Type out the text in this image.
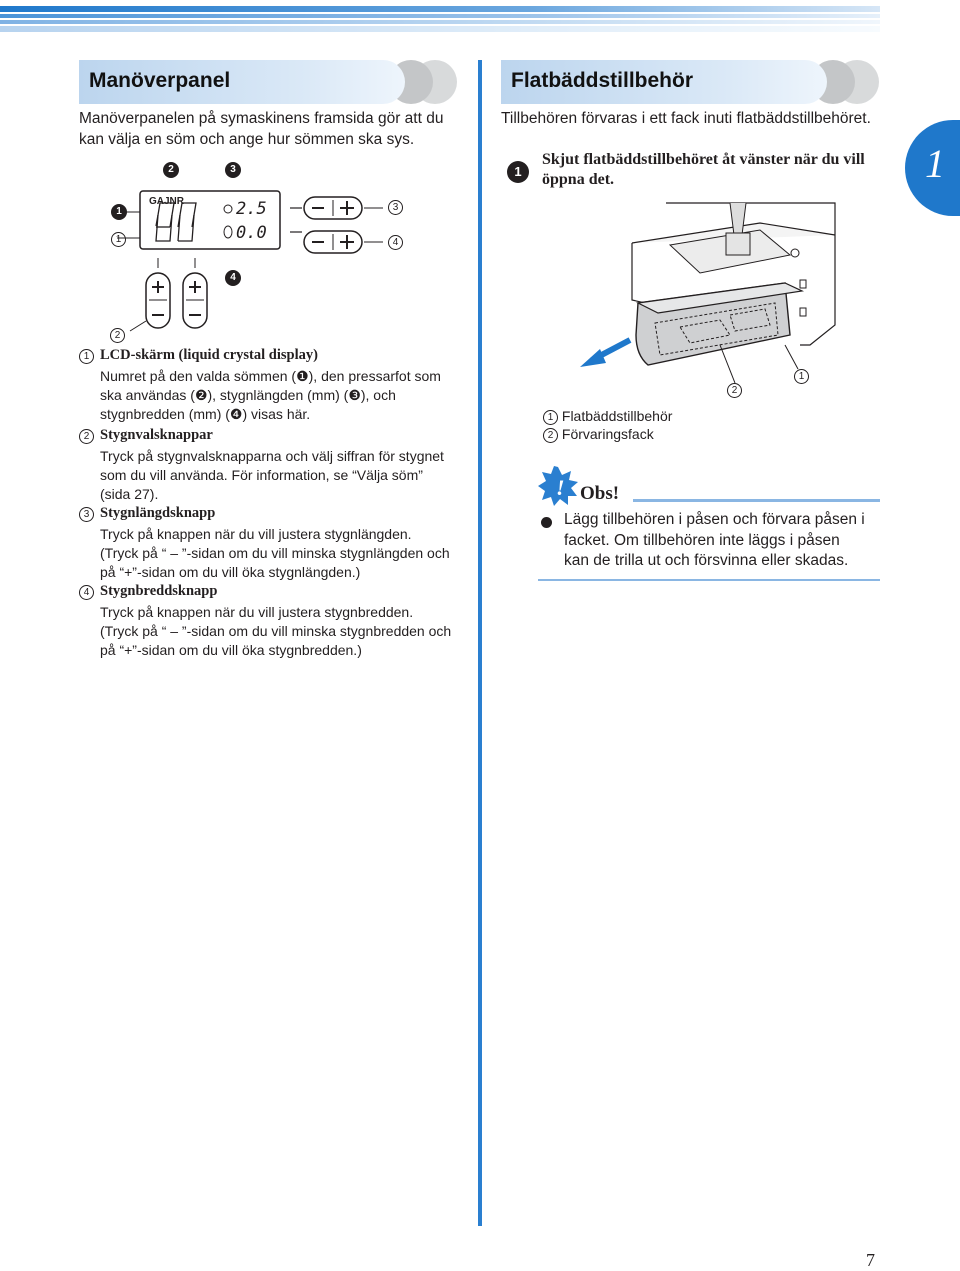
1
Manöverpanel
Manöverpanelen på symaskinens framsida gör att du
kan välja en söm och ange hur sömmen ska sys.
GAJNR	2.5
0.0
1
2	3
4
1
2
3
4
1 LCD-skärm (liquid crystal display)
Numret på den valda sömmen (❶), den pressarfot som
ska användas (❷), stygnlängden (mm) (❸), och
stygnbredden (mm) (❹) visas här.
2 Stygnvalsknappar
Tryck på stygnvalsknapparna och välj siffran för stygnet
som du vill använda. För information, se “Välja söm”
(sida 27).
3 Stygnlängdsknapp
Tryck på knappen när du vill justera stygnlängden.
(Tryck på “ – ”-sidan om du vill minska stygnlängden och
på “+”-sidan om du vill öka stygnlängden.)
4 Stygnbreddsknapp
Tryck på knappen när du vill justera stygnbredden.
(Tryck på “ – ”-sidan om du vill minska stygnbredden och
på “+”-sidan om du vill öka stygnbredden.)
Flatbäddstillbehör
Tillbehören förvaras i ett fack inuti flatbäddstillbehöret.
1
Skjut flatbäddstillbehöret åt vänster när du vill
öppna det.
2
1
1 Flatbäddstillbehör
2 Förvaringsfack
! Obs!
Lägg tillbehören i påsen och förvara påsen i
facket. Om tillbehören inte läggs i påsen
kan de trilla ut och försvinna eller skadas.
7
